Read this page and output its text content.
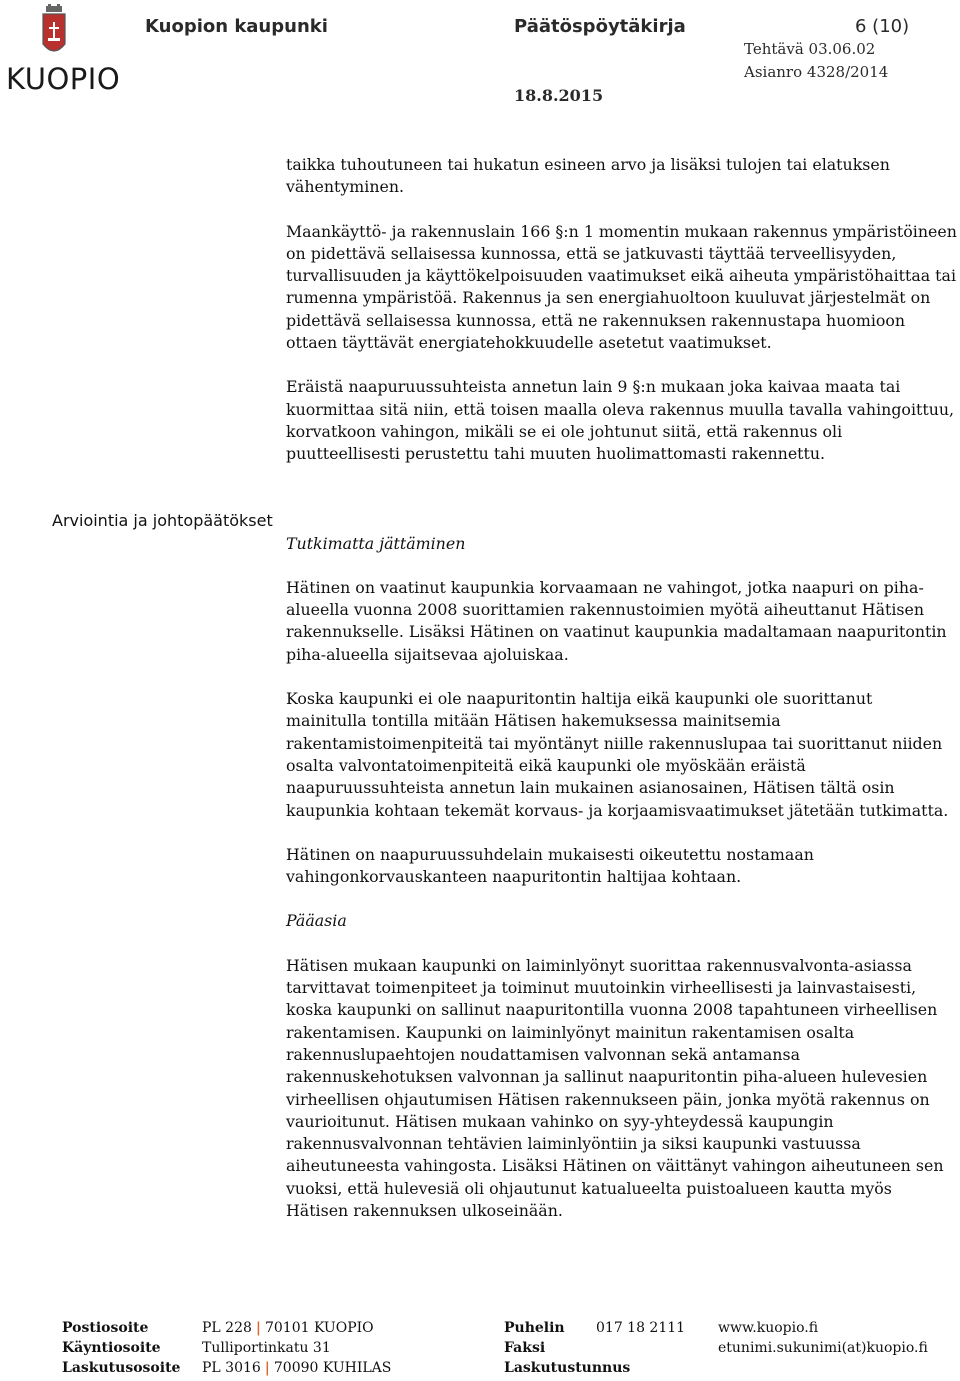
KUOPIO
Kuopion kaupunki	Päätöspöytäkirja	6 (10)
Tehtävä 03.06.02
Asianro 4328/2014
18.8.2015
Arviointia ja johtopäätökset

taikka tuhoutuneen tai hukatun esineen arvo ja lisäksi tulojen tai elatuksen vähentyminen.

Maankäyttö- ja rakennuslain 166 §:n 1 momentin mukaan rakennus ympäristöineen on pidettävä sellaisessa kunnossa, että se jatkuvasti täyttää terveellisyyden, turvallisuuden ja käyttökelpoisuuden vaatimukset eikä aiheuta ympäristöhaittaa tai rumenna ympäristöä. Rakennus ja sen energiahuoltoon kuuluvat järjestelmät on pidettävä sellaisessa kunnossa, että ne rakennuksen rakennustapa huomioon ottaen täyttävät energiatehokkuudelle asetetut vaatimukset.

Eräistä naapuruussuhteista annetun lain 9 §:n mukaan joka kaivaa maata tai kuormittaa sitä niin, että toisen maalla oleva rakennus muulla tavalla vahingoittuu, korvatkoon vahingon, mikäli se ei ole johtunut siitä, että rakennus oli puutteellisesti perustettu tahi muuten huolimattomasti rakennettu.

Tutkimatta jättäminen

Hätinen on vaatinut kaupunkia korvaamaan ne vahingot, jotka naapuri on piha-alueella vuonna 2008 suorittamien rakennustoimien myötä aiheuttanut Hätisen rakennukselle. Lisäksi Hätinen on vaatinut kaupunkia madaltamaan naapuritontin piha-alueella sijaitsevaa ajoluiskaa.

Koska kaupunki ei ole naapuritontin haltija eikä kaupunki ole suorittanut mainitulla tontilla mitään Hätisen hakemuksessa mainitsemia rakentamistoimenpiteitä tai myöntänyt niille rakennuslupaa tai suorittanut niiden osalta valvontatoimenpiteitä eikä kaupunki ole myöskään eräistä naapuruussuhteista annetun lain mukainen asianosainen, Hätisen tältä osin kaupunkia kohtaan tekemät korvaus- ja korjaamisvaatimukset jätetään tutkimatta.

Hätinen on naapuruussuhdelain mukaisesti oikeutettu nostamaan vahingonkorvauskanteen naapuritontin haltijaa kohtaan.

Pääasia

Hätisen mukaan kaupunki on laiminlyönyt suorittaa rakennusvalvonta-asiassa tarvittavat toimenpiteet ja toiminut muutoinkin virheellisesti ja lainvastaisesti, koska kaupunki on sallinut naapuritontilla vuonna 2008 tapahtuneen virheellisen rakentamisen. Kaupunki on laiminlyönyt mainitun rakentamisen osalta rakennuslupaehtojen noudattamisen valvonnan sekä antamansa rakennuskehotuksen valvonnan ja sallinut naapuritontin piha-alueen hulevesien virheellisen ohjautumisen Hätisen rakennukseen päin, jonka myötä rakennus on vaurioitunut. Hätisen mukaan vahinko on syy-yhteydessä kaupungin rakennusvalvonnan tehtävien laiminlyöntiin ja siksi kaupunki vastuussa aiheutuneesta vahingosta. Lisäksi Hätinen on väittänyt vahingon aiheutuneen sen vuoksi, että hulevesiä oli ohjautunut katualueelta puistoalueen kautta myös Hätisen rakennuksen ulkoseinään.

Postiosoite	PL 228 | 70101 KUOPIO	Puhelin 017 18 2111 www.kuopio.fi
Käyntiosoite	Tulliportinkatu 31	Faksi	etunimi.sukunimi(at)kuopio.fi
Laskutusosoite PL 3016 | 70090 KUHILAS	Laskutustunnus
